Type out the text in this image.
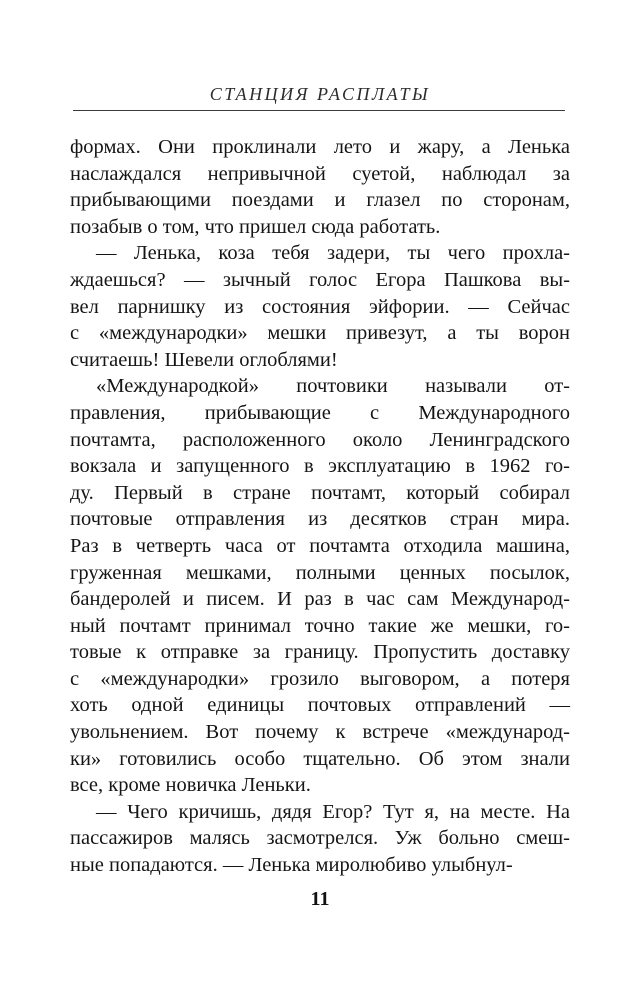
СТАНЦИЯ РАСПЛАТЫ
формах. Они проклинали лето и жару, а Ленька
наслаждался непривычной суетой, наблюдал за
прибывающими поездами и глазел по сторонам,
позабыв о том, что пришел сюда работать.
— Ленька, коза тебя задери, ты чего прохла-
ждаешься? — зычный голос Егора Пашкова вы-
вел парнишку из состояния эйфории. — Сейчас
с «международки» мешки привезут, а ты ворон
считаешь! Шевели оглоблями!
«Международкой» почтовики называли от-
правления, прибывающие с Международного
почтамта, расположенного около Ленинградского
вокзала и запущенного в эксплуатацию в 1962 го-
ду. Первый в стране почтамт, который собирал
почтовые отправления из десятков стран мира.
Раз в четверть часа от почтамта отходила машина,
груженная мешками, полными ценных посылок,
бандеролей и писем. И раз в час сам Международ-
ный почтамт принимал точно такие же мешки, го-
товые к отправке за границу. Пропустить доставку
с «международки» грозило выговором, а потеря
хоть одной единицы почтовых отправлений —
увольнением. Вот почему к встрече «международ-
ки» готовились особо тщательно. Об этом знали
все, кроме новичка Леньки.
— Чего кричишь, дядя Егор? Тут я, на месте. На
пассажиров малясь засмотрелся. Уж больно смеш-
ные попадаются. — Ленька миролюбиво улыбнул-
11
